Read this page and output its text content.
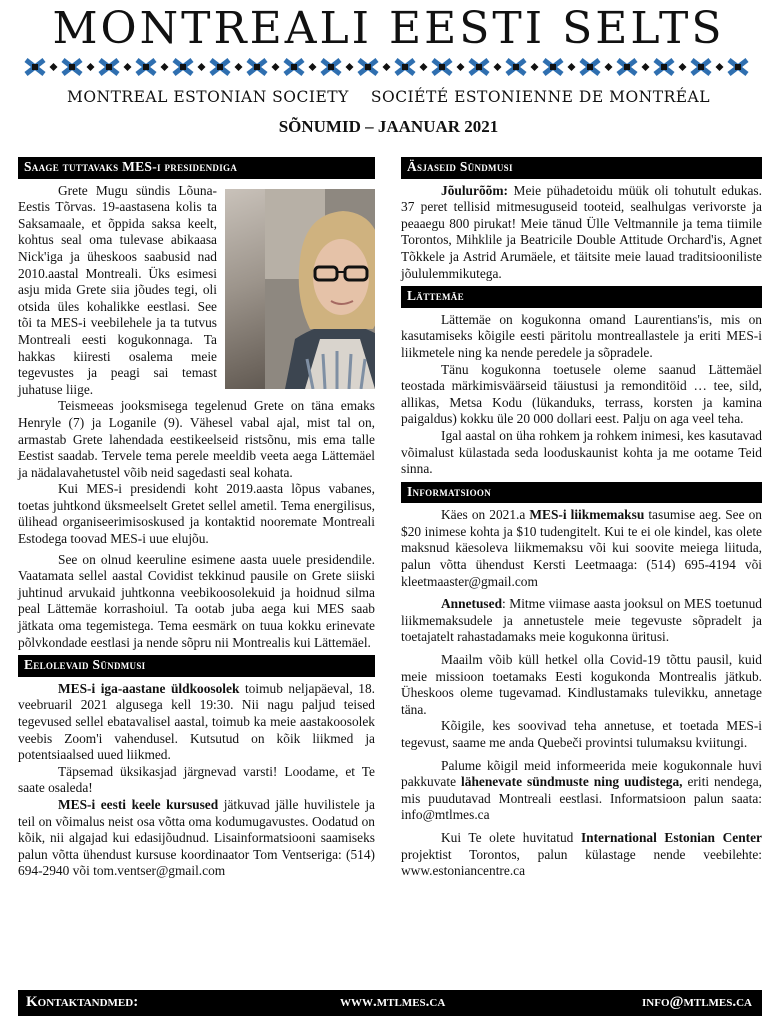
MONTREALI EESTI SELTS
MONTREAL ESTONIAN SOCIETY SOCIÉTÉ ESTONIENNE DE MONTRÉAL
SÕNUMID – JAANUAR 2021
Saage tuttavaks MES-i presidendiga

Grete Mugu sündis Lõuna-Eestis Tõrvas. 19-aastasena kolis ta Saksamaale, et õppida saksa keelt, kohtus seal oma tulevase abikaasa Nick'iga ja üheskoos saabusid nad 2010.aastal Montreali. Üks esimesi asju mida Grete siia jõudes tegi, oli otsida üles kohalikke eestlasi. See tõi ta MES-i veebilehele ja ta tutvus Montreali eesti kogukonnaga. Ta hakkas kiiresti osalema meie tegevustes ja peagi sai temast juhatuse liige.

Teismeeas jooksmisega tegelenud Grete on täna emaks Henryle (7) ja Loganile (9). Vähesel vabal ajal, mist tal on, armastab Grete lahendada eestikeelseid ristsõnu, mis ema talle Eestist saadab. Tervele tema perele meeldib veeta aega Lättemäel ja nädalavahetustel võib neid sagedasti seal kohata.

Kui MES-i presidendi koht 2019.aasta lõpus vabanes, toetas juhtkond üksmeelselt Gretet sellel ametil. Tema energilisus, ülihead organiseerimisoskused ja kontaktid nooremate Montreali Estodega toovad MES-i uue elujõu.

See on olnud keeruline esimene aasta uuele presidendile. Vaatamata sellel aastal Covidist tekkinud pausile on Grete siiski juhtinud arvukaid juhtkonna veebikoosolekuid ja hoidnud silma peal Lättemäe korrashoiul. Ta ootab juba aega kui MES saab jätkata oma tegemistega. Tema eesmärk on tuua kokku erinevate põlvkondade eestlasi ja nende sõpru nii Montrealis kui Lättemäel.

Eelolevaid Sündmusi

MES-i iga-aastane üldkoosolek toimub neljapäeval, 18. veebruaril 2021 algusega kell 19:30. Nii nagu paljud teised tegevused sellel ebatavalisel aastal, toimub ka meie aastakoosolek veebis Zoom'i vahendusel. Kutsutud on kõik liikmed ja potentsiaalsed uued liikmed.

Täpsemad üksikasjad järgnevad varsti! Loodame, et Te saate osaleda!

MES-i eesti keele kursused jätkuvad jälle huvilistele ja teil on võimalus neist osa võtta oma kodumugavustes. Oodatud on kõik, nii algajad kui edasijõudnud. Lisainformatsiooni saamiseks palun võtta ühendust kursuse koordinaator Tom Ventseriga: (514) 694-2940 või tom.ventser@gmail.com

Äsjaseid Sündmusi

Jõulurõõm: Meie pühadetoidu müük oli tohutult edukas. 37 peret tellisid mitmesuguseid tooteid, sealhulgas verivorste ja peaaegu 800 pirukat! Meie tänud Ülle Veltmannile ja tema tiimile Torontos, Mihklile ja Beatricile Double Attitude Orchard'is, Agnet Tõkkele ja Astrid Arumäele, et täitsite meie lauad traditsiooniliste jõululemmikutega.

Lättemäe

Lättemäe on kogukonna omand Laurentians'is, mis on kasutamiseks kõigile eesti päritolu montreallastele ja eriti MES-i liikmetele ning ka nende peredele ja sõpradele.

Tänu kogukonna toetusele oleme saanud Lättemäel teostada märkimisväärseid täiustusi ja remonditöid … tee, sild, allikas, Metsa Kodu (lükanduks, terrass, korsten ja kamina paigaldus) kokku üle 20 000 dollari eest. Palju on aga veel teha.

Igal aastal on üha rohkem ja rohkem inimesi, kes kasutavad võimalust külastada seda looduskaunist kohta ja me ootame Teid sinna.

Informatsioon

Käes on 2021.a MES-i liikmemaksu tasumise aeg. See on $20 inimese kohta ja $10 tudengitelt. Kui te ei ole kindel, kas olete maksnud käesoleva liikmemaksu või kui soovite meiega liituda, palun võtta ühendust Kersti Leetmaaga: (514) 695-4194 või kleetmaaster@gmail.com

Annetused: Mitme viimase aasta jooksul on MES toetunud liikmemaksudele ja annetustele meie tegevuste sõpradelt ja toetajatelt rahastadamaks meie kogukonna üritusi.

Maailm võib küll hetkel olla Covid-19 tõttu pausil, kuid meie missioon toetamaks Eesti kogukonda Montrealis jätkub. Üheskoos oleme tugevamad. Kindlustamaks tulevikku, annetage täna.

Kõigile, kes soovivad teha annetuse, et toetada MES-i tegevust, saame me anda Quebeči provintsi tulumaksu kviitungi.

Palume kõigil meid informeerida meie kogukonnale huvi pakkuvate lähenevate sündmuste ning uudistega, eriti nendega, mis puudutavad Montreali eestlasi. Informatsioon palun saata: info@mtlmes.ca

Kui Te olete huvitatud International Estonian Center projektist Torontos, palun külastage nende veebilehte: www.estoniancentre.ca

Kontaktandmed:	www.mtlmes.ca	info@mtlmes.ca
